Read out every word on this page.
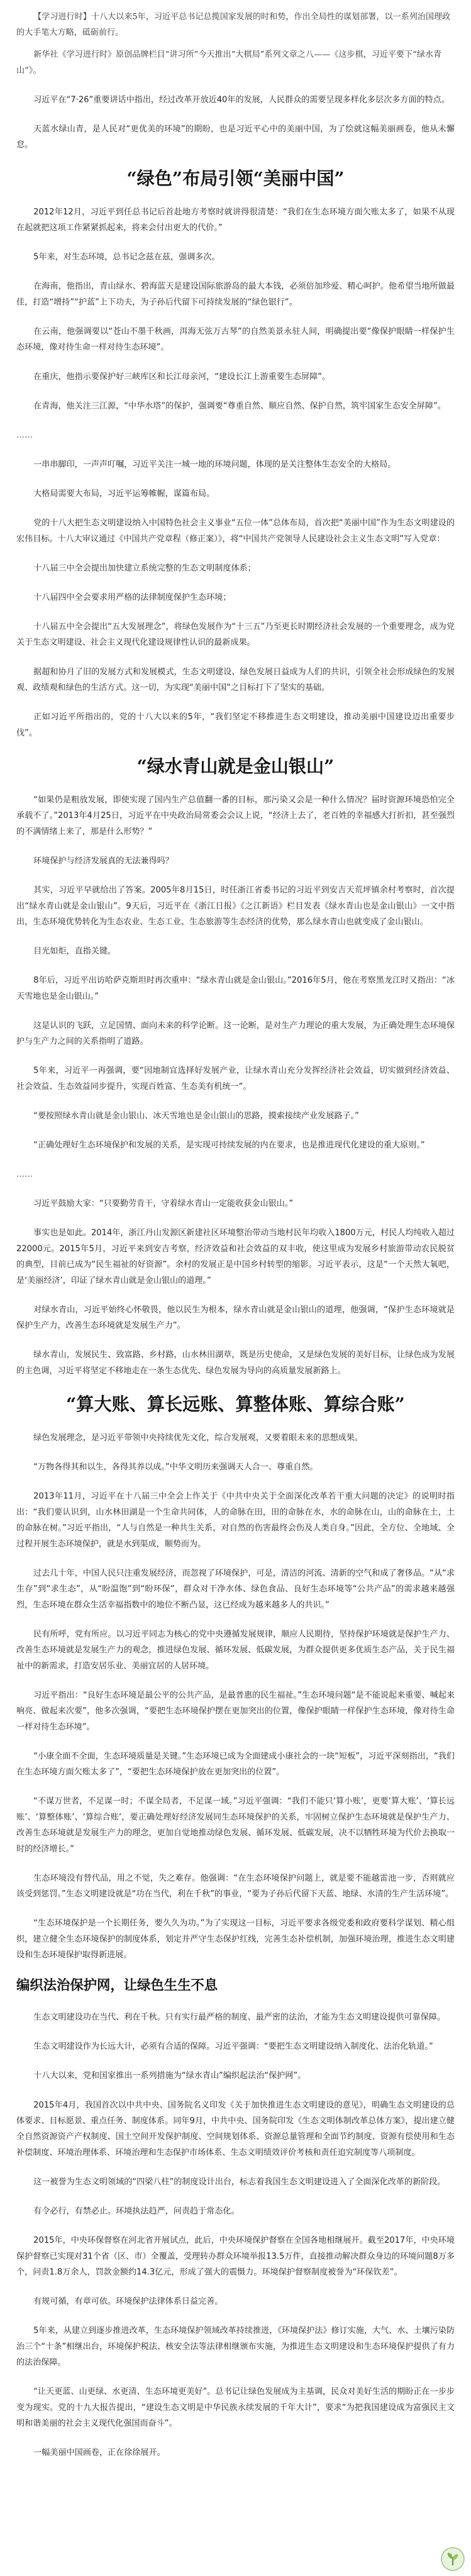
【学习进行时】十八大以来5年，习近平总书记总揽国家发展的时和势，作出全局性的谋划部署，以一系列治国理政的大手笔大方略，砥砺前行。
新华社《学习进行时》原创品牌栏目“讲习所”今天推出“大棋局”系列文章之八——《这步棋，习近平要下“绿水青山”》。
习近平在“7·26”重要讲话中指出，经过改革开放近40年的发展，人民群众的需要呈现多样化多层次多方面的特点。
天蓝水绿山青，是人民对“更优美的环境”的期盼，也是习近平心中的美丽中国，为了绘就这幅美丽画卷，他从未懈怠。
“绿色”布局引领“美丽中国”
2012年12月，习近平到任总书记后首赴地方考察时就讲得很清楚：“我们在生态环境方面欠账太多了，如果不从现在起就把这项工作紧紧抓起来，将来会付出更大的代价。”
5年来，对生态环境，总书记念兹在兹，强调多次。
在海南，他指出，青山绿水、碧海蓝天是建设国际旅游岛的最大本钱，必须倍加珍爱、精心呵护。他希望当地所做最佳，打造“增持”“护蓝”上下功夫，为子孙后代留下可持续发展的“绿色银行”。
在云南，他强调要以“苍山不墨千秋画，洱海无弦万古琴”的自然美景永驻人间，明确提出要“像保护眼睛一样保护生态环境，像对待生命一样对待生态环境”。
在重庆，他指示要保护好三峡库区和长江母亲河，“建设长江上游重要生态屏障”。
在青海，他关注三江源，“中华水塔”的保护，强调要“尊重自然、顺应自然、保护自然，筑牢国家生态安全屏障”。
……
一串串脚印，一声声叮嘱，习近平关注一城一地的环境问题，体现的是关注整体生态安全的大格局。
大格局需要大布局，习近平运筹帷幄，谋篇布局。
党的十八大把生态文明建设纳入中国特色社会主义事业“五位一体”总体布局，首次把“美丽中国”作为生态文明建设的宏伟目标。十八大审议通过《中国共产党章程（修正案）》，将“中国共产党领导人民建设社会主义生态文明”写入党章：
十八届三中全会提出加快建立系统完整的生态文明制度体系；
十八届四中全会要求用严格的法律制度保护生态环境；
十八届五中全会提出“五大发展理念”，将绿色发展作为“十三五”乃至更长时期经济社会发展的一个重要理念，成为党关于生态文明建设、社会主义现代化建设规律性认识的最新成果。
据超和协月了旧的发展方式和发展模式，生态文明建设、绿色发展日益成为人们的共识，引领全社会形成绿色的发展观、政绩观和绿色的生活方式。这一切，为实现“美丽中国”之目标打下了坚实的基础。
正如习近平所指出的，党的十八大以来的5年，“我们坚定不移推进生态文明建设，推动美丽中国建设迈出重要步伐”。
“绿水青山就是金山银山”
“如果仍是粗放发展，即使实现了国内生产总值翻一番的目标，那污染又会是一种什么情况？届时资源环境恐怕完全承载不了。”2013年4月25日，习近平在中央政治局常委会会议上说，“经济上去了，老百姓的幸福感大打折扣，甚至强烈的不满情绪上来了，那是什么形势？”
环境保护与经济发展真的无法兼得吗？
其实，习近平早就给出了答案。2005年8月15日，时任浙江省委书记的习近平到安吉天荒坪镇余村考察时，首次提出“绿水青山就是金山银山”。9天后，习近平在《浙江日报》《之江新语》栏目发表《绿水青山也是金山银山》一文中指出，生态环境优势转化为生态农业、生态工业、生态旅游等生态经济的优势，那么绿水青山也就变成了金山银山。
目光如炬，直指关键。
8年后，习近平出访哈萨克斯坦时再次重申：“绿水青山就是金山银山。”2016年5月，他在考察黑龙江时又指出：“冰天雪地也是金山银山。”
这是认识的飞跃，立足国情、面向未来的科学论断。这一论断，是对生产力理论的重大发展，为正确处理生态环境保护与生产力之间的关系指明了道路。
5年来，习近平一再强调，要“因地制宜选择好发展产业，让绿水青山充分发挥经济社会效益，切实做到经济效益、社会效益、生态效益同步提升，实现百姓富、生态美有机统一”。
“要按照绿水青山就是金山银山、冰天雪地也是金山银山的思路，摸索接续产业发展路子。”
“正确处理好生态环境保护和发展的关系，是实现可持续发展的内在要求，也是推进现代化建设的重大原则。”
……
习近平鼓励大家：“只要勤劳肯干，守着绿水青山一定能收获金山银山。”
事实也是如此。2014年，浙江丹山发源区新建社区环境整治带动当地村民年均收入1800万元，村民人均纯收入超过22000元。2015年5月，习近平来到安吉考察，经济效益和社会效益的双丰收，使这里成为发展乡村旅游带动农民脱贫的典型，目前已成为“民生福祉的好资源”。余村的发展正是中国乡村转型的缩影。习近平表示，这是“一个天然大氧吧，是‘美丽经济’，印证了绿水青山就是金山银山的道理。”
对绿水青山，习近平始终心怀敬畏，他以民生为根本，绿水青山就是金山银山的道理，他强调，“保护生态环境就是保护生产力，改善生态环境就是发展生产力”。
绿水青山，发展民生、致富路、乡村路，山水林田湖草，既是历史使命，又是绿色发展的美好目标，让绿色成为发展的主色调，习近平将坚定不移地走在一条生态优先、绿色发展为导向的高质量发展新路上。
“算大账、算长远账、算整体账、算综合账”
绿色发展理念，是习近平带领中央持续优先文化，综合发展观，又要着眼未来的思想成果。
“万物各得其和以生，各得其养以成。”中华文明历来强调天人合一、尊重自然。
2013年11月，习近平在十八届三中全会上作关于《中共中央关于全面深化改革若干重大问题的决定》的说明时指出：“我们要认识到，山水林田湖是一个生命共同体，人的命脉在田，田的命脉在水，水的命脉在山，山的命脉在土，土的命脉在树。”习近平指出，“人与自然是一种共生关系，对自然的伤害最终会伤及人类自身。”因此，全方位、全地域、全过程开展生态环境保护，就是水到渠成，顺势而为。
过去几十年，中国人民只注重发展经济，而忽视了环境保护，可是，清洁的河流、清新的空气和成了奢侈品。“从“求生存”到“求生态”，从“盼温饱”到“盼环保”，群众对干净水体、绿色食品、良好生态环境等“公共产品”的需求越来越强烈，生态环境在群众生活幸福指数中的地位不断凸显，这已经成为越来越多人的共识。”
民有所呼，党有所应。以习近平同志为核心的党中央遵循发展规律，顺应人民期待，坚持保护环境就是保护生产力、改善生态环境就是发展生产力的观念，推进绿色发展、循环发展、低碳发展，为群众提供更多优质生态产品，关于民生福祉中的新需求，打造安居乐业、美丽宜居的人居环境。
习近平指出：“良好生态环境是最公平的公共产品，是最普惠的民生福祉。”生态环境问题“是不能说起来重要、喊起来响亮、做起来次要”，他多次强调，“要把生态环境保护摆在更加突出的位置，像保护眼睛一样保护生态环境，像对待生命一样对待生态环境”。
“小康全面不全面，生态环境质量是关键。”生态环境已成为全面建成小康社会的一块“短板”，习近平深刻指出，“我们在生态环境方面欠账太多了”，“要把生态环境保护放在更加突出的位置”。
“不谋万世者，不足谋一时；不谋全局者，不足谋一域。”习近平强调：“我们不能只‘算小账’，更要‘算大账’、‘算长远账’、‘算整体账’、‘算综合账’，要正确处理好经济发展同生态环境保护的关系，牢固树立保护生态环境就是保护生产力、改善生态环境就是发展生产力的理念，更加自觉地推动绿色发展、循环发展、低碳发展，决不以牺牲环境为代价去换取一时的经济增长。”
生态环境没有替代品，用之不觉，失之难存。他强调：“在生态环境保护问题上，就是要不能越雷池一步，否则就应该受到惩罚。”生态文明建设就是“功在当代，利在千秋”的事业，“要为子孙后代留下天蓝、地绿、水清的生产生活环境”。
“生态环境保护是一个长期任务，要久久为功。”为了实现这一目标，习近平要求各级党委和政府要科学谋划、精心组织，建立健全生态环境保护的制度体系，划定并严守生态保护红线，完善生态补偿机制，加强环境治理，推进生态文明建设和生态环境保护取得新进展。
编织法治保护网，让绿色生生不息
生态文明建设功在当代、利在千秋。只有实行最严格的制度、最严密的法治，才能为生态文明建设提供可靠保障。
生态文明建设作为长远大计，必须有合适的保障。习近平强调：“要把生态文明建设纳入制度化、法治化轨道。”
十八大以来，党和国家推出一系列措施为“绿水青山”编织起法治“保护网”。
2015年4月，我国首次以中共中央、国务院名义印发《关于加快推进生态文明建设的意见》，明确生态文明建设的总体要求、目标愿景、重点任务、制度体系。同年9月，中共中央、国务院印发《生态文明体制改革总体方案》，提出建立健全自然资源资产产权制度、国土空间开发保护制度、空间规划体系、资源总量管理和全面节约制度、资源有偿使用和生态补偿制度、环境治理体系、环境治理和生态保护市场体系、生态文明绩效评价考核和责任追究制度等八项制度。
这一被誉为生态文明领域的“四梁八柱”的制度设计出台，标志着我国生态文明建设进入了全面深化改革的新阶段。
有令必行，有禁必止。环境执法趋严，问责趋于常态化。
2015年，中央环保督察在河北省开展试点，此后，中央环境保护督察在全国各地相继展开。截至2017年，中央环境保护督察已实现对31个省（区、市）全覆盖，受理转办群众环境举报13.5万件，直接推动解决群众身边的环境问题8万多个，问责1.8万余人，罚款金额约14.3亿元，形成了强大的震慑力。环境保护督察制度被誉为“环保钦差”。
有规可循，有章可依。环境保护法律体系日益完善。
5年来，从建立到逐步推进改革，生态环境保护领域改革持续推进，《环境保护法》修订实施，大气、水、土壤污染防治三个“十条”相继出台，环境保护税法、核安全法等法律相继颁布实施，为推进生态文明建设和生态环境保护提供了有力的法治保障。
“让天更蓝、山更绿、水更清、生态环境更美好”。总书记让绿色发展成为主基调，民众对美好生活的期盼正在一步步变为现实。党的十九大报告提出，“建设生态文明是中华民族永续发展的千年大计”，要求“为把我国建设成为富强民主文明和谐美丽的社会主义现代化强国而奋斗”。
一幅美丽中国画卷，正在徐徐展开。
